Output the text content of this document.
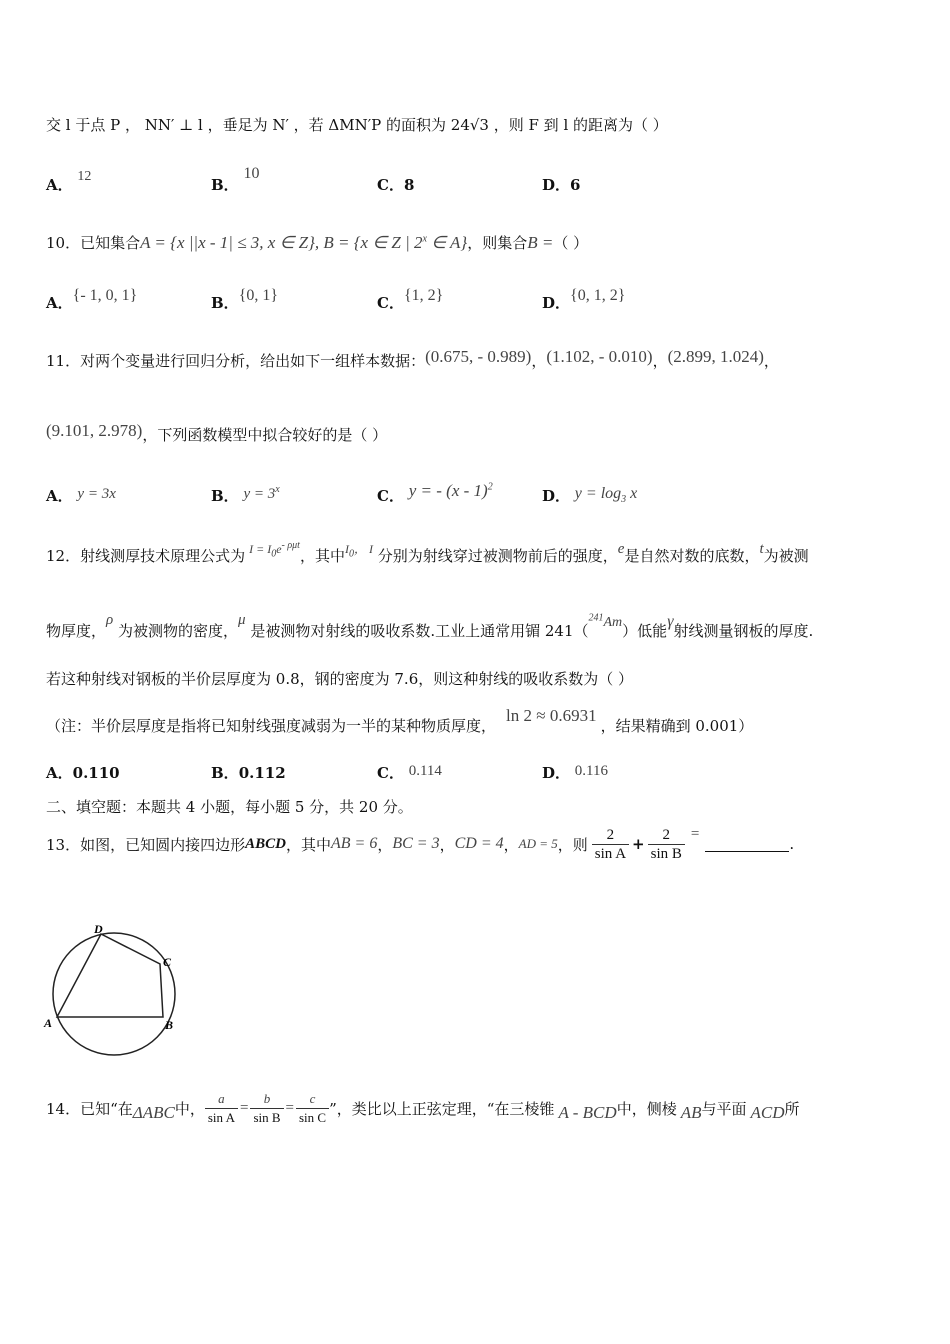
交 l 于点 P ， NN′ ⊥ l ，垂足为 N′ ，若 ΔMN′P 的面积为 24√3 ，则 F 到 l 的距离为（ ）
A． 12	B． 10
C．8	D．6
10．已知集合A = {x ||x - 1| ≤ 3, x ∈ Z}, B = {x ∈ Z | 2$^x$ ∈ A}，则集合B =（ ）
A．{- 1, 0, 1}	B．{0, 1}	C．{1, 2}	D．{0, 1, 2}
11．对两个变量进行回归分析，给出如下一组样本数据：(0.675, - 0.989)，(1.102, - 0.010)，(2.899, 1.024)，
(9.101, 2.978)，下列函数模型中拟合较好的是（ ）
A． y = 3x	B． $y = 3^x$	C． y = - (x - 1)$^2$
D． $y = \log_3 x$
12．射线测厚技术原理公式为 $^{I = I_0e^{- \rho\mu t}}$，其中$^{I_0, I}$ 分别为射线穿过被测物前后的强度，e是自然对数的底数，t为被测
物厚度，ρ 为被测物的密度，μ 是被测物对射线的吸收系数.工业上通常用镅 241（$^{241}$Am）低能γ射线测量钢板的厚度.
若这种射线对钢板的半价层厚度为 0.8，钢的密度为 7.6，则这种射线的吸收系数为（ ）
（注：半价层厚度是指将已知射线强度减弱为一半的某种物质厚度，ln 2 ≈ 0.6931，结果精确到 0.001）
A．0.110	B．0.112	C． 0.114	D． 0.116
二、填空题：本题共 4 小题，每小题 5 分，共 20 分。
13．如图，已知圆内接四边形 ABCD ，其中 AB = 6 ， BC = 3 ， CD = 4 ， AD = 5 ，则 $\frac{2}{\text{sin A}} + \frac{2}{\text{sin B}}$ =
.
D
C
A	B
14．已知“在 ΔABC 中， $\frac{a}{\text{sin A}} = \frac{b}{\text{sin B}} = \frac{c}{\text{sin C}}$ ”，类比以上正弦定理，“在三棱锥 A - BCD 中，侧棱 AB 与平面 ACD 所
